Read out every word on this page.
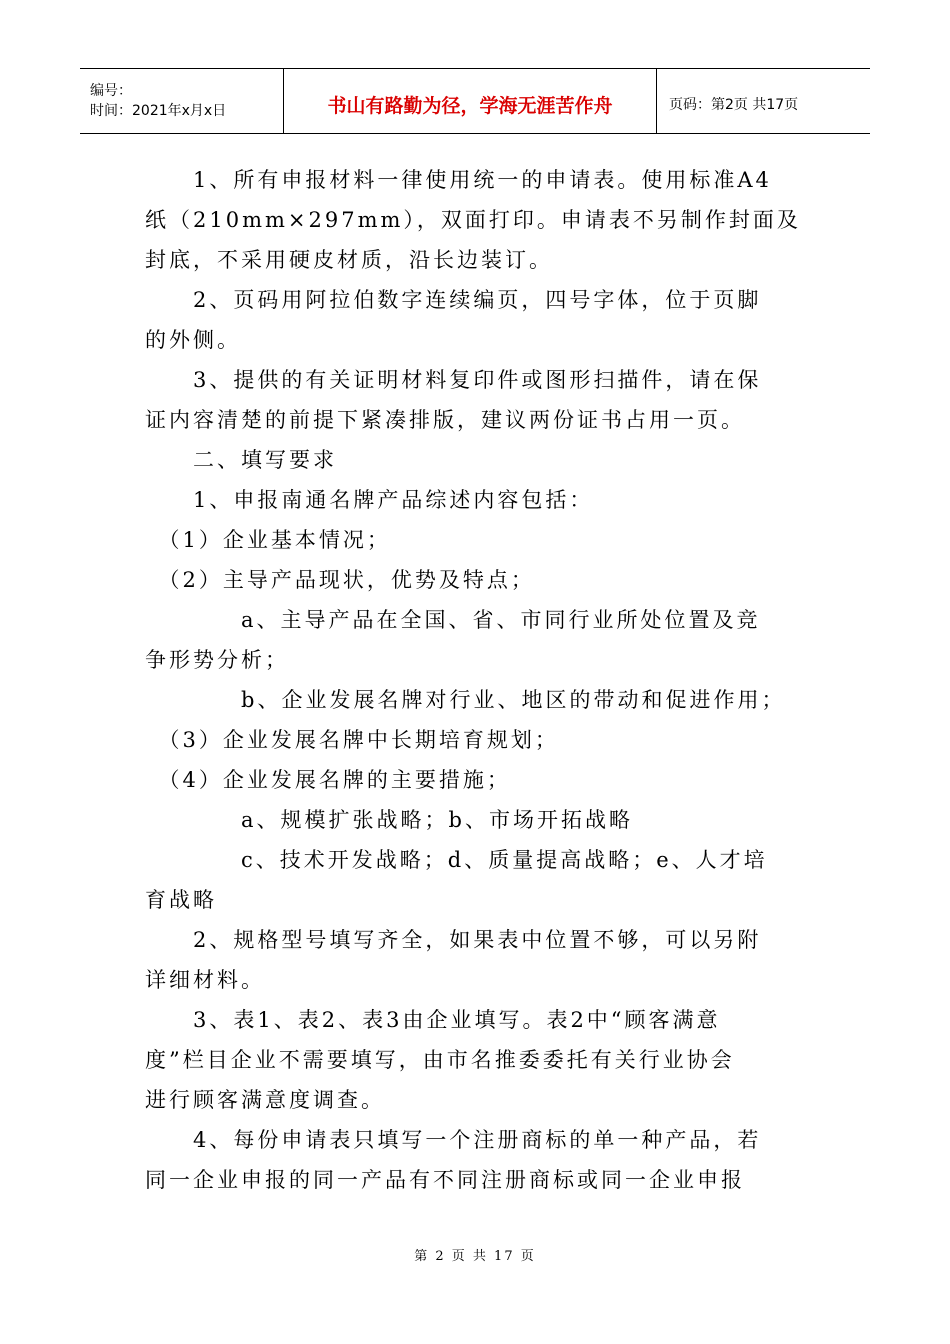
编号：
时间：2021年x月x日	书山有路勤为径，学海无涯苦作舟	页码：第2页 共17页

　　1、所有申报材料一律使用统一的申请表。使用标准A4

纸（210mm×297mm），双面打印。申请表不另制作封面及

封底，不采用硬皮材质，沿长边装订。

　　2、页码用阿拉伯数字连续编页，四号字体，位于页脚

的外侧。

　　3、提供的有关证明材料复印件或图形扫描件，请在保

证内容清楚的前提下紧凑排版，建议两份证书占用一页。

　　二、填写要求

　　1、申报南通名牌产品综述内容包括：

　（1）企业基本情况；

　（2）主导产品现状，优势及特点；

　　　　a、主导产品在全国、省、市同行业所处位置及竞

争形势分析；

　　　　b、企业发展名牌对行业、地区的带动和促进作用；

　（3）企业发展名牌中长期培育规划；

　（4）企业发展名牌的主要措施；

　　　　a、规模扩张战略；b、市场开拓战略

　　　　c、技术开发战略；d、质量提高战略；e、人才培

育战略

　　2、规格型号填写齐全，如果表中位置不够，可以另附

详细材料。

　　3、表1、表2、表3由企业填写。表2中“顾客满意

度”栏目企业不需要填写，由市名推委委托有关行业协会

进行顾客满意度调查。

　　4、每份申请表只填写一个注册商标的单一种产品，若

同一企业申报的同一产品有不同注册商标或同一企业申报

第 2 页 共 17 页
